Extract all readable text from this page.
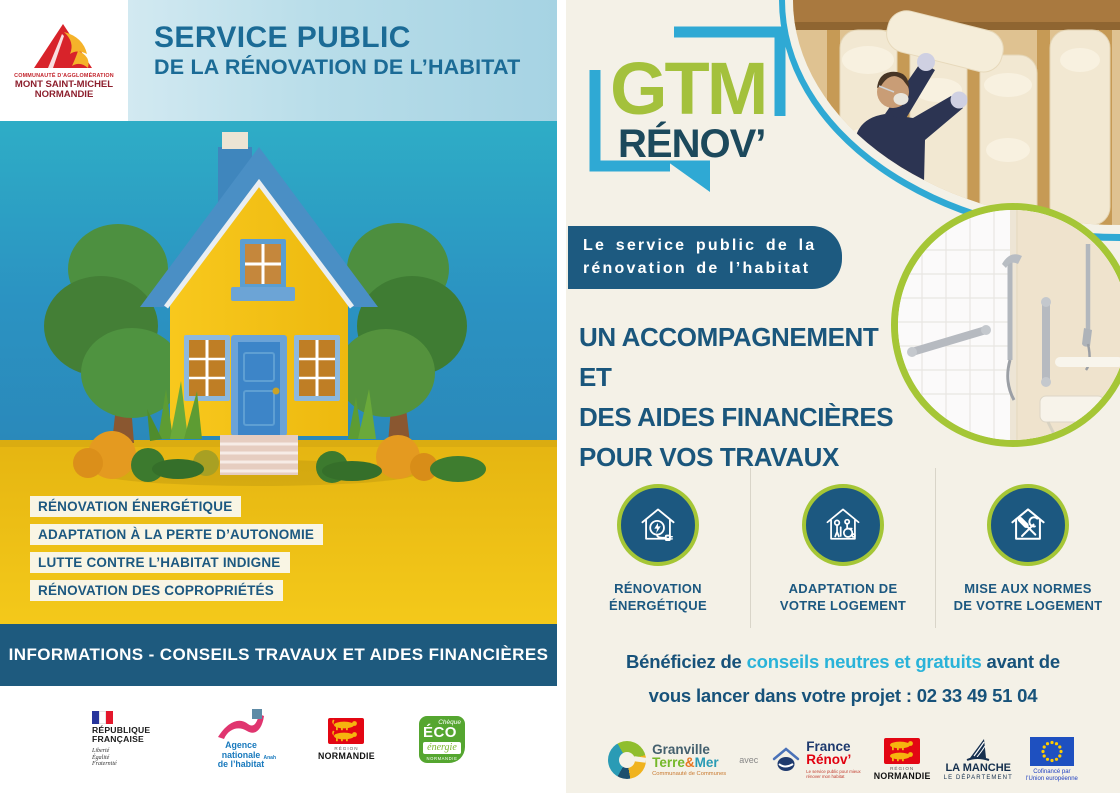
COMMUNAUTÉ D’AGGLOMÉRATION
MONT SAINT-MICHEL
NORMANDIE
SERVICE PUBLIC
DE LA RÉNOVATION DE L’HABITAT
RÉNOVATION ÉNERGÉTIQUE
ADAPTATION À LA PERTE D’AUTONOMIE
LUTTE CONTRE L’HABITAT INDIGNE
RÉNOVATION DES COPROPRIÉTÉS
INFORMATIONS - CONSEILS TRAVAUX ET AIDES FINANCIÈRES
RÉPUBLIQUE
FRANÇAISE
Liberté
Égalité
Fraternité
Agence
nationale
de l’habitat
Anah
RÉGION
NORMANDIE
Chèque
ÉCO
énergie
NORMANDIE
GTM
RÉNOV’
Le service public de la
rénovation de l’habitat
UN ACCOMPAGNEMENT ET
DES AIDES FINANCIÈRES
POUR VOS TRAVAUX
RÉNOVATION
ÉNERGÉTIQUE
ADAPTATION DE
VOTRE LOGEMENT
MISE AUX NORMES
DE VOTRE LOGEMENT
Bénéficiez de conseils neutres et gratuits avant de
vous lancer dans votre projet : 02 33 49 51 04
Granville
Terre&Mer
Communauté de Communes
avec
France
Rénov’
Le service public pour mieux
rénover mon habitat
RÉGION
NORMANDIE
LA MANCHE
LE DÉPARTEMENT
Cofinancé par
l’Union européenne
